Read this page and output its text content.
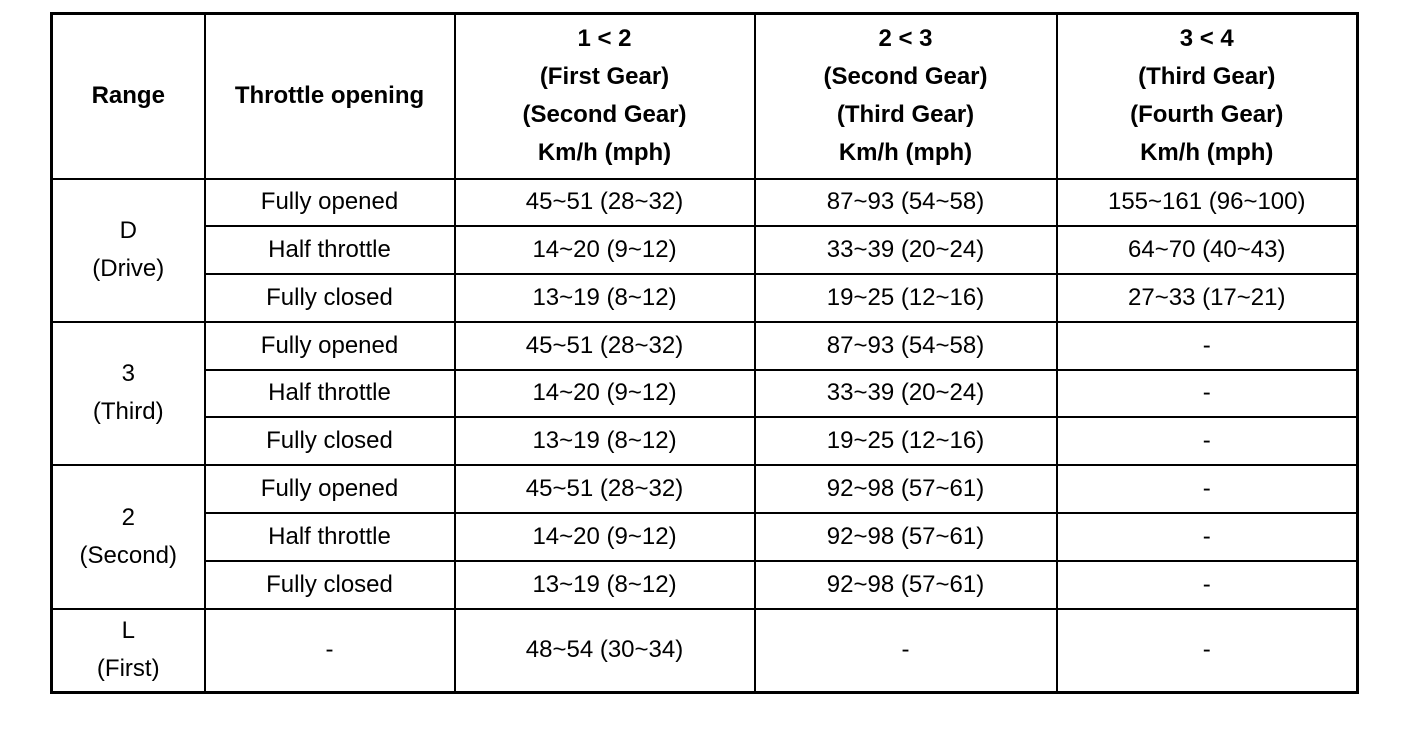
Range	Throttle opening	1 < 2
(First Gear)
(Second Gear)
Km/h (mph)	2 < 3
(Second Gear)
(Third Gear)
Km/h (mph)	3 < 4
(Third Gear)
(Fourth Gear)
Km/h (mph)

D
(Drive)	Fully opened	45~51 (28~32)	87~93 (54~58)	155~161 (96~100)
	Half throttle	14~20 (9~12)	33~39 (20~24)	64~70 (40~43)
	Fully closed	13~19 (8~12)	19~25 (12~16)	27~33 (17~21)

3
(Third)	Fully opened	45~51 (28~32)	87~93 (54~58)	-
	Half throttle	14~20 (9~12)	33~39 (20~24)	-
	Fully closed	13~19 (8~12)	19~25 (12~16)	-

2
(Second)	Fully opened	45~51 (28~32)	92~98 (57~61)	-
	Half throttle	14~20 (9~12)	92~98 (57~61)	-
	Fully closed	13~19 (8~12)	92~98 (57~61)	-

L
(First)	-	48~54 (30~34)	-	-
